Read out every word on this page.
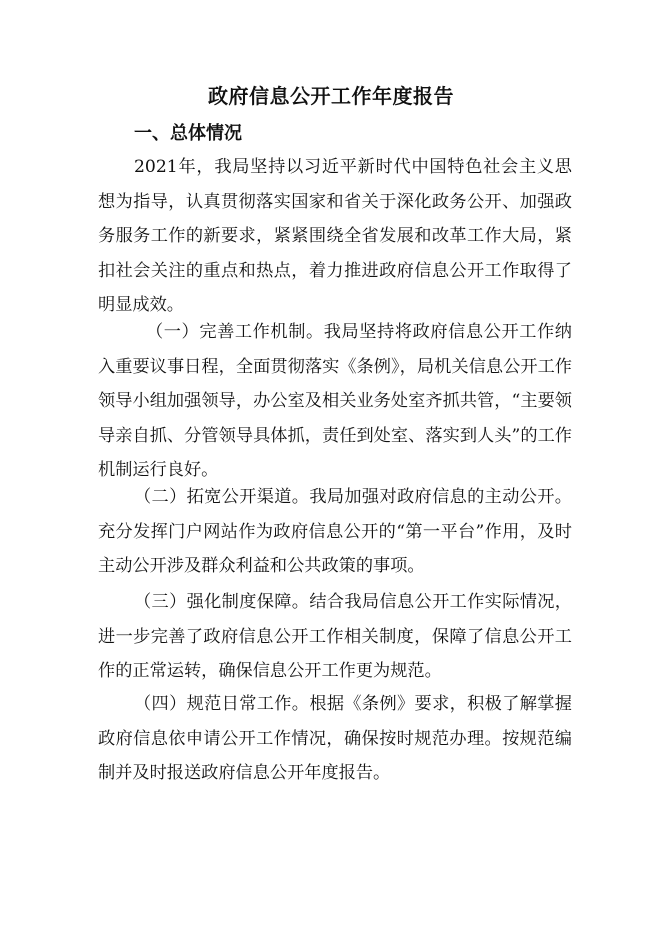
政府信息公开工作年度报告
一、总体情况

2021年，我局坚持以习近平新时代中国特色社会主义思想为指导，认真贯彻落实国家和省关于深化政务公开、加强政务服务工作的新要求，紧紧围绕全省发展和改革工作大局，紧扣社会关注的重点和热点，着力推进政府信息公开工作取得了明显成效。

（一）完善工作机制。我局坚持将政府信息公开工作纳入重要议事日程，全面贯彻落实《条例》，局机关信息公开工作领导小组加强领导，办公室及相关业务处室齐抓共管，“主要领导亲自抓、分管领导具体抓，责任到处室、落实到人头”的工作机制运行良好。

（二）拓宽公开渠道。我局加强对政府信息的主动公开。充分发挥门户网站作为政府信息公开的“第一平台”作用，及时主动公开涉及群众利益和公共政策的事项。

（三）强化制度保障。结合我局信息公开工作实际情况，进一步完善了政府信息公开工作相关制度，保障了信息公开工作的正常运转，确保信息公开工作更为规范。

（四）规范日常工作。根据《条例》要求，积极了解掌握政府信息依申请公开工作情况，确保按时规范办理。按规范编制并及时报送政府信息公开年度报告。
